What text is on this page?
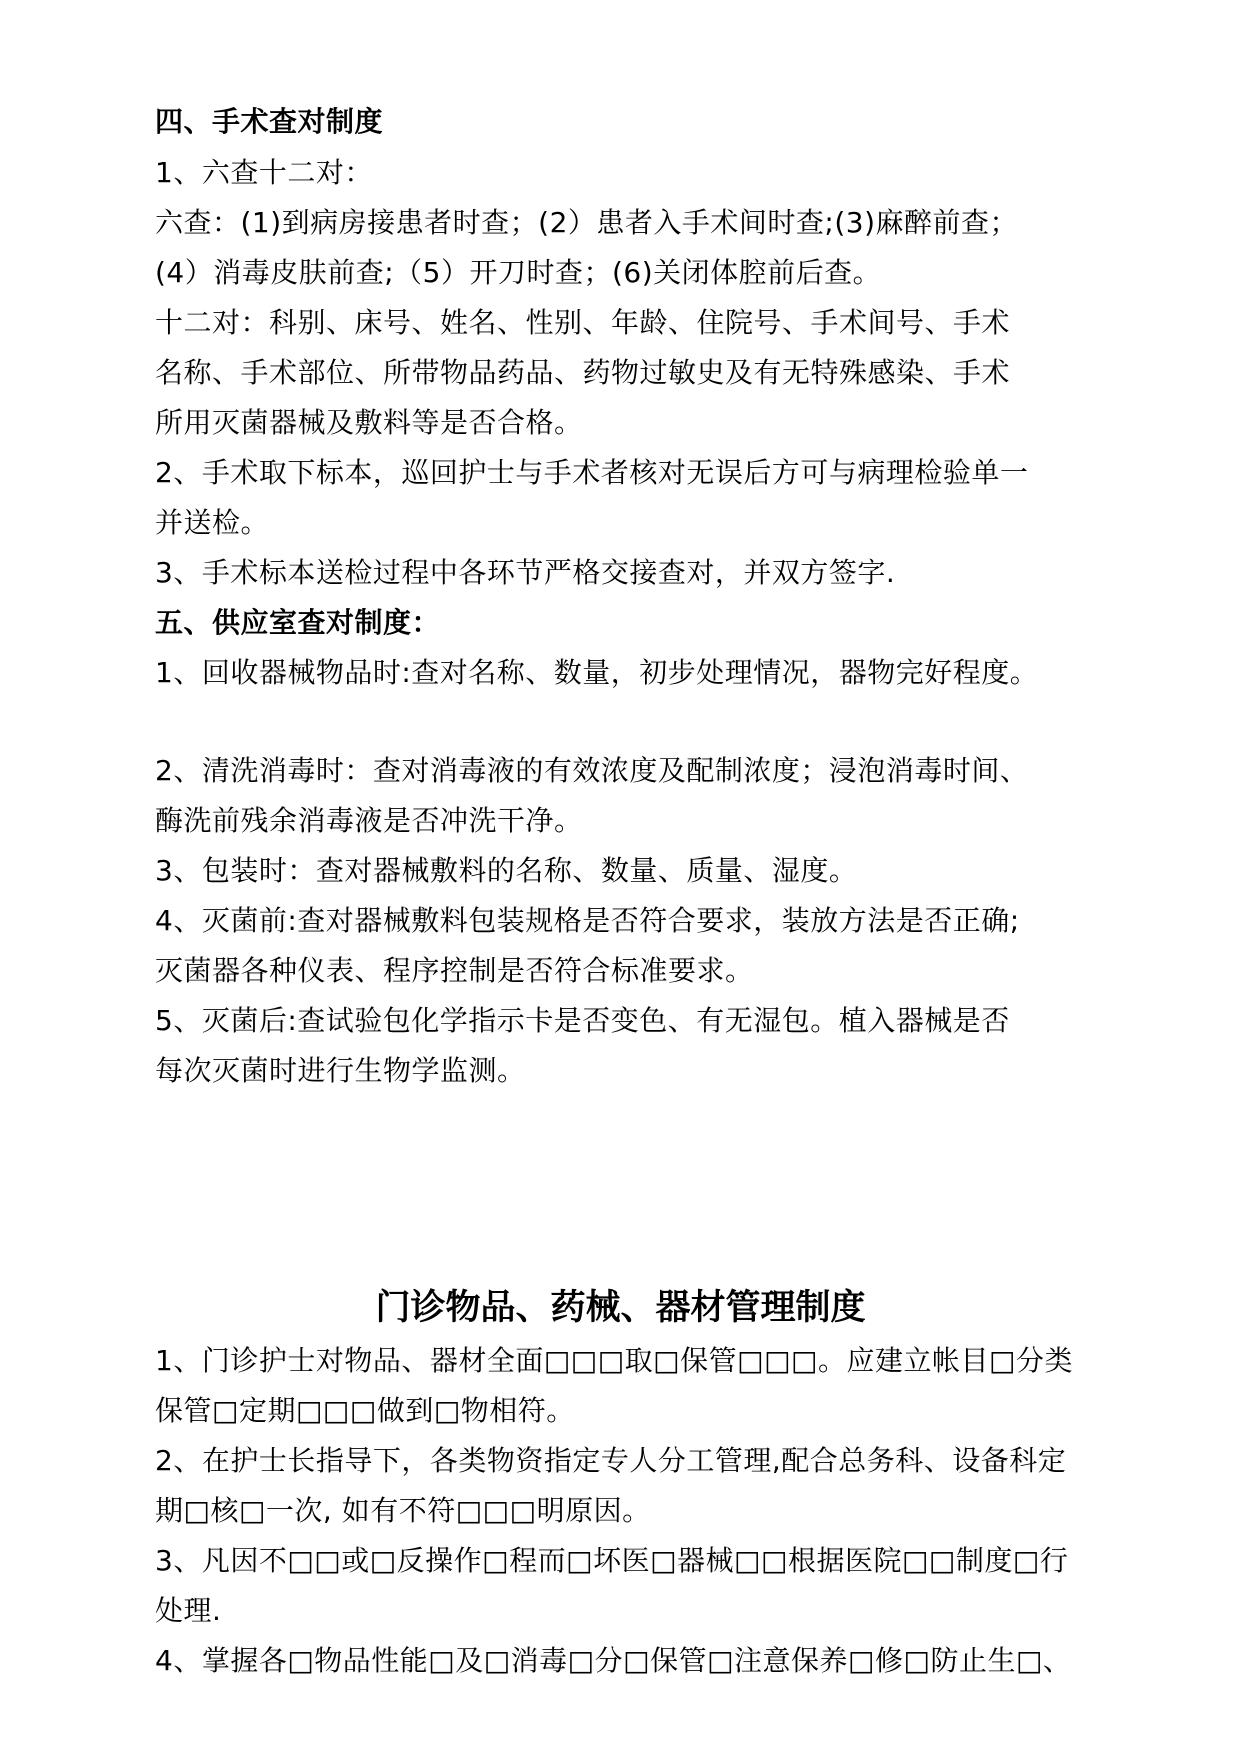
四、手术查对制度
1、六查十二对：
六查：(1)到病房接患者时查；(2）患者入手术间时查;(3)麻醉前查；
(4）消毒皮肤前查;（5）开刀时查；(6)关闭体腔前后查。
十二对：科别、床号、姓名、性别、年龄、住院号、手术间号、手术
名称、手术部位、所带物品药品、药物过敏史及有无特殊感染、手术
所用灭菌器械及敷料等是否合格。
2、手术取下标本，巡回护士与手术者核对无误后方可与病理检验单一
并送检。
3、手术标本送检过程中各环节严格交接查对，并双方签字.
五、供应室查对制度：
1、回收器械物品时:查对名称、数量，初步处理情况，器物完好程度。
2、清洗消毒时：查对消毒液的有效浓度及配制浓度；浸泡消毒时间、
酶洗前残余消毒液是否冲洗干净。
3、包装时：查对器械敷料的名称、数量、质量、湿度。
4、灭菌前:查对器械敷料包装规格是否符合要求，装放方法是否正确;
灭菌器各种仪表、程序控制是否符合标准要求。
5、灭菌后:查试验包化学指示卡是否变色、有无湿包。植入器械是否
每次灭菌时进行生物学监测。
门诊物品、药械、器材管理制度
1、门诊护士对物品、器材全面□□□取□保管□□□。应建立帐目□分类
保管□定期□□□做到□物相符。
2、在护士长指导下，各类物资指定专人分工管理,配合总务科、设备科定
期□核□一次, 如有不符□□□明原因。
3、凡因不□□或□反操作□程而□坏医□器械□□根据医院□□制度□行
处理.
4、掌握各□物品性能□及□消毒□分□保管□注意保养□修□防止生□、
